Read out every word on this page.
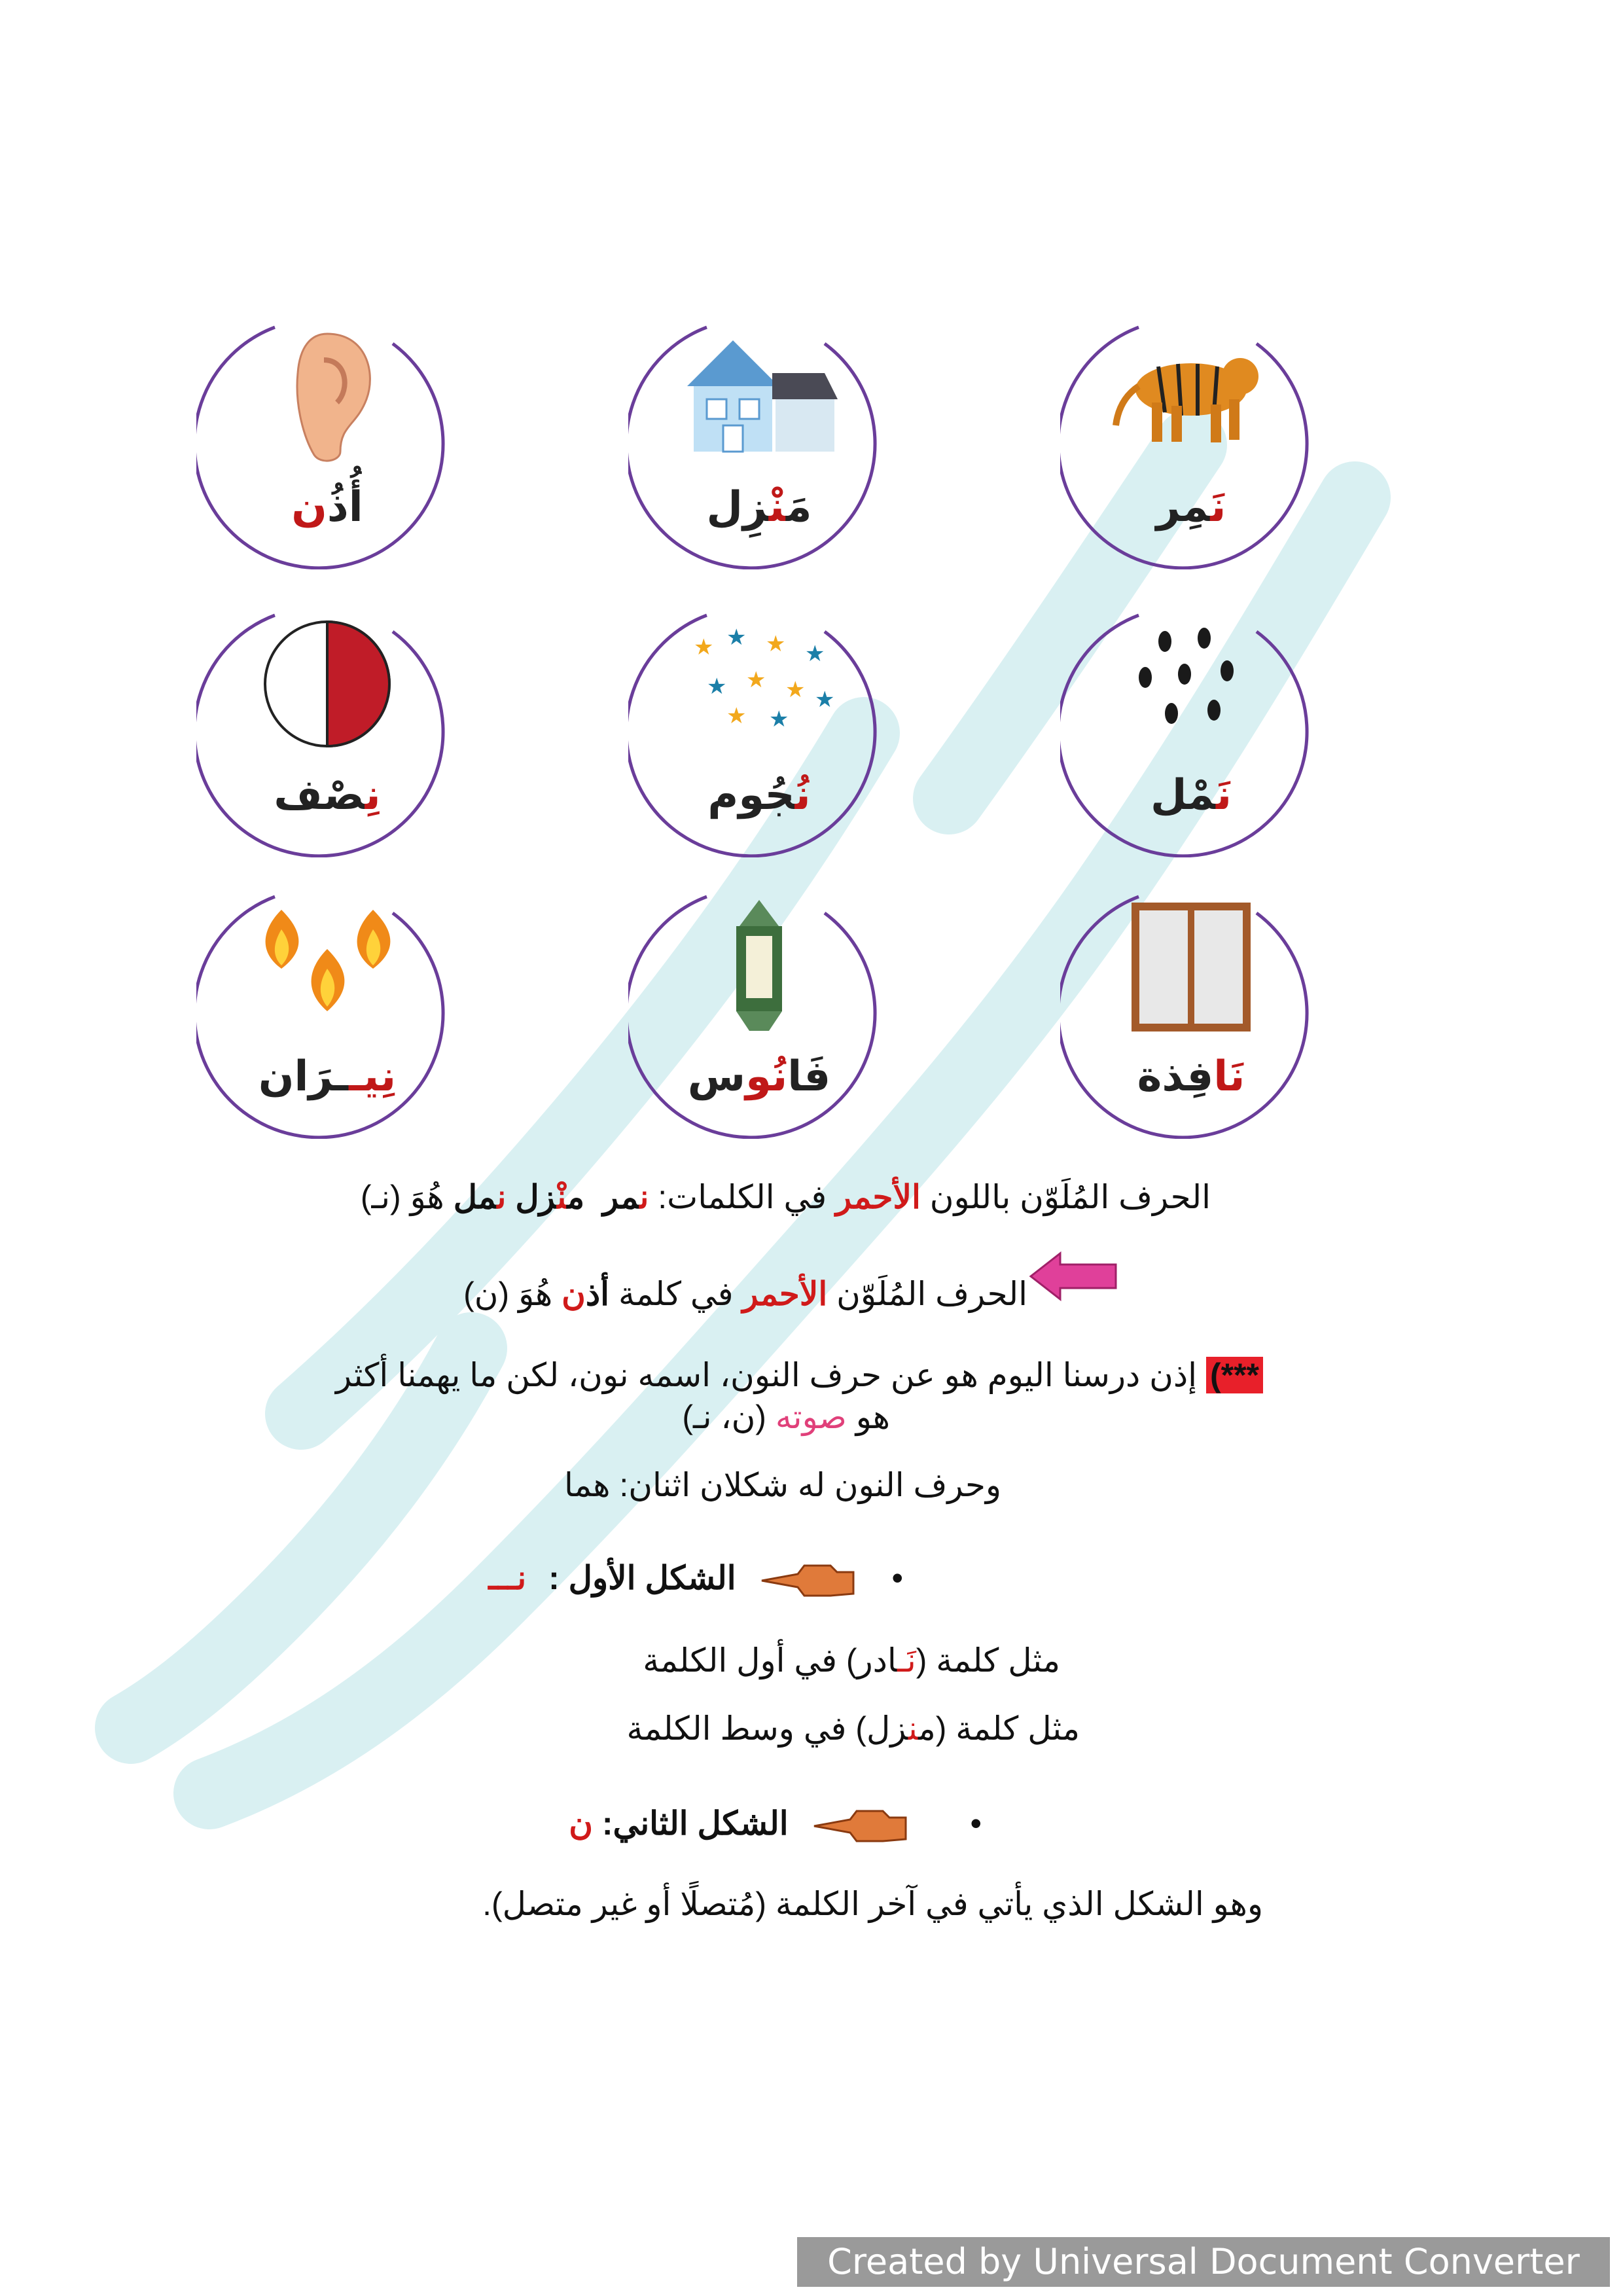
نَمِر
مَنْزِل
أُذُن
نَمْل
★ ★ ★ ★
★ ★ ★ ★
★ ★
نُجُوم
نِصْف
نَافِذة
فَانُوس
نِيــرَان
الحرف المُلَوّن باللون الأحمر في الكلمات: نمر  منْزل نمل هُوَ (نـ)
الحرف المُلَوّن الأحمر في كلمة أذن هُوَ (ن)
***) إذن درسنا اليوم هو عن حرف النون، اسمه نون، لكن ما يهمنا أكثر
هو صوته (ن، نـ)
وحرف النون له شكلان اثنان: هما
•  الشكل الأول : نـــ
مثل كلمة (نَـادر) في أول الكلمة
مثل كلمة (منزل) في وسط الكلمة
•  الشكل الثاني: ن
وهو الشكل الذي يأتي في آخر الكلمة (مُتصلًا أو غير متصل).
Created by Universal Document Converter
